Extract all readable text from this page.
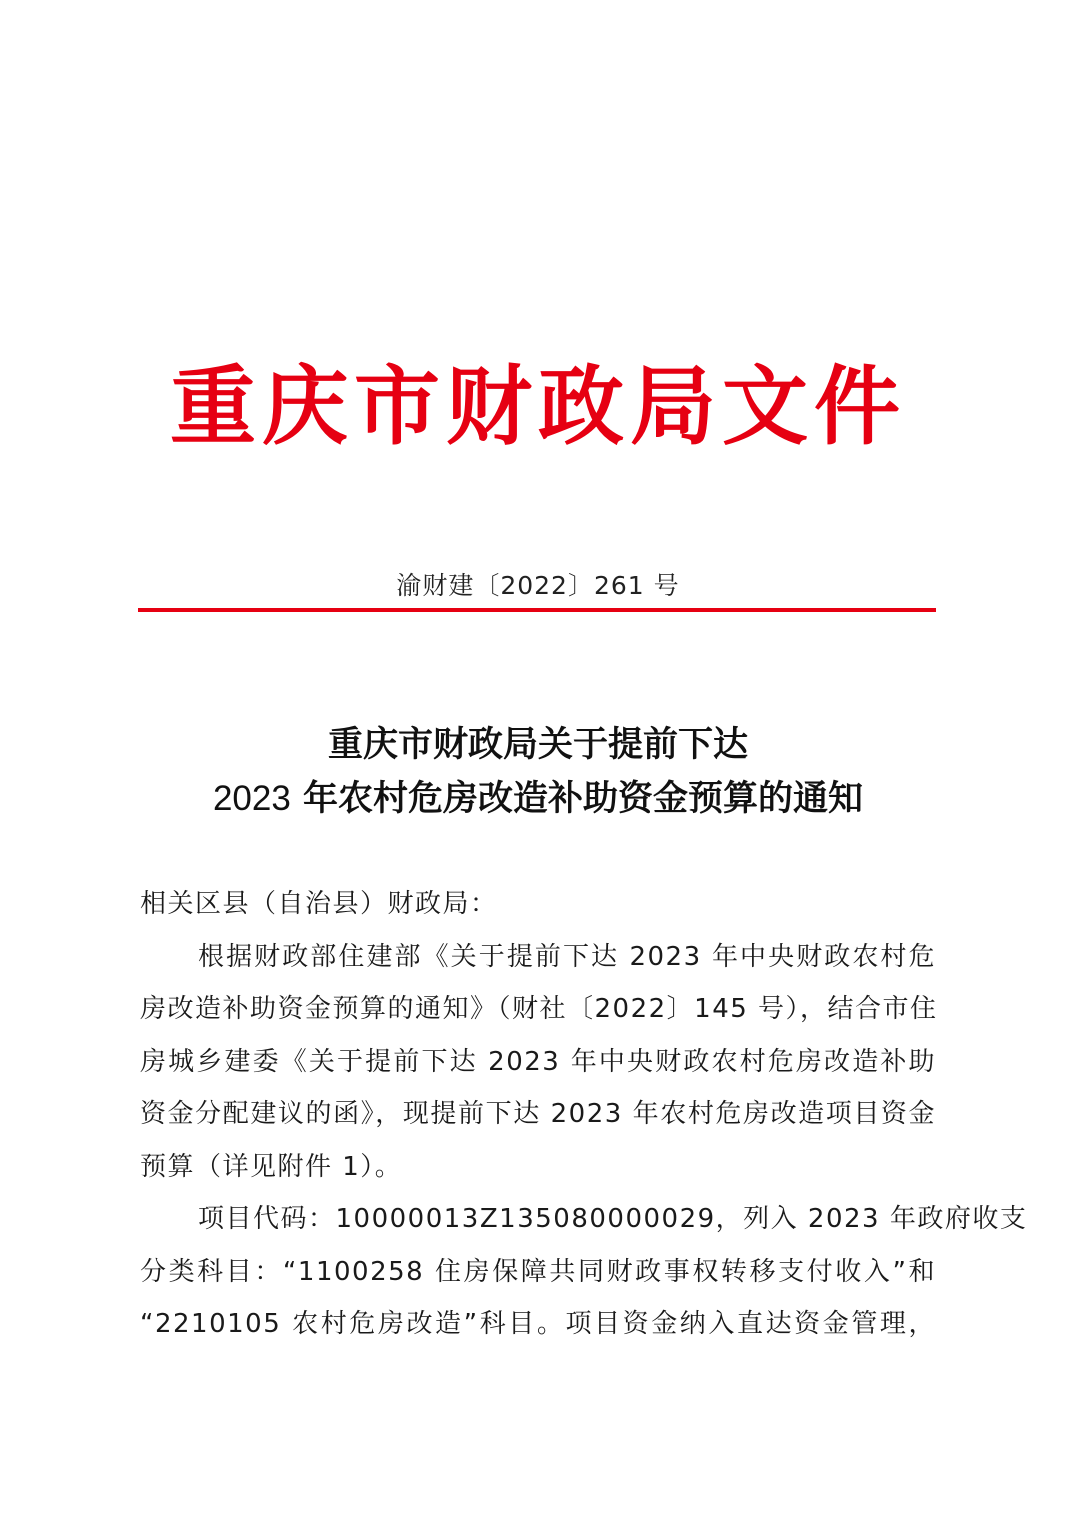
重庆市财政局文件
渝财建〔2022〕261 号
重庆市财政局关于提前下达
2023 年农村危房改造补助资金预算的通知
相关区县（自治县）财政局：
根据财政部住建部《关于提前下达 2023 年中央财政农村危
房改造补助资金预算的通知》（财社〔2022〕145 号），结合市住
房城乡建委《关于提前下达 2023 年中央财政农村危房改造补助
资金分配建议的函》，现提前下达 2023 年农村危房改造项目资金
预算（详见附件 1）。
项目代码：10000013Z135080000029，列入 2023 年政府收支
分类科目：“1100258 住房保障共同财政事权转移支付收入”和
“2210105 农村危房改造”科目。项目资金纳入直达资金管理，
